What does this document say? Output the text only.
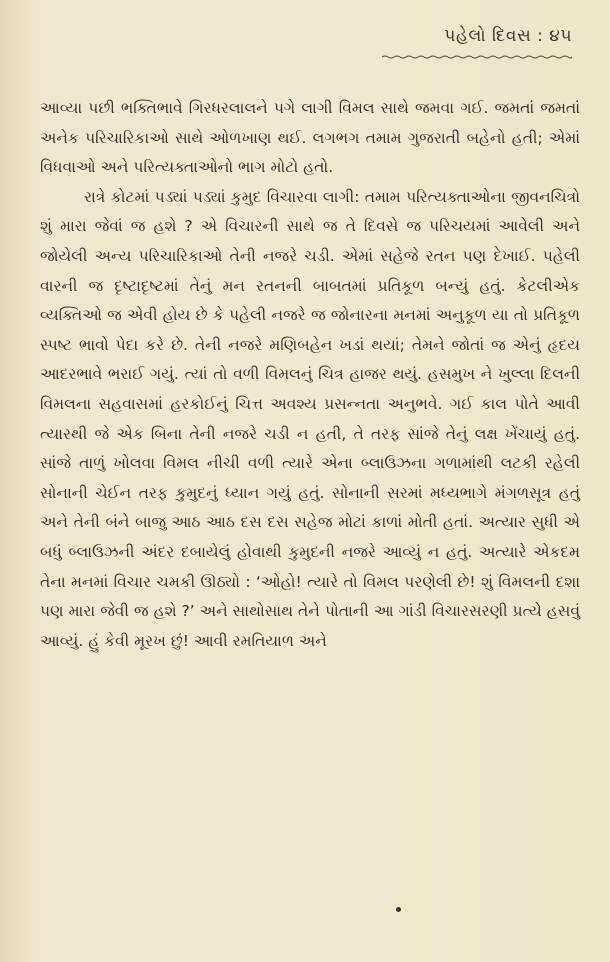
પહેલો દિવસ : ૪૫

આવ્યા પછી ભક્તિભાવે ગિરધરલાલને પગે લાગી વિમલ સાથે જમવા ગઈ. જમતાં જમતાં અનેક પરિચારિકાઓ સાથે ઓળખાણ થઈ. લગભગ તમામ ગુજરાતી બહેનો હતી; એમાં વિધવાઓ અને પરિત્યક્તાઓનો ભાગ મોટો હતો.

રાત્રે કોટમાં પડ્યાં પડ્યાં કુમુદ વિચારવા લાગી: તમામ પરિત્યક્તાઓના જીવનચિત્રો શું મારા જેવાં જ હશે ? એ વિચારની સાથે જ તે દિવસે જ પરિચયમાં આવેલી અને જોયેલી અન્ય પરિચારિકાઓ તેની નજરે ચડી. એમાં સહેજે રતન પણ દેખાઈ. પહેલી વારની જ દૃષ્ટાદૃષ્ટમાં તેનું મન રતનની બાબતમાં પ્રતિકૂળ બન્યું હતું. કેટલીએક વ્યક્તિઓ જ એવી હોય છે કે પહેલી નજરે જ જોનારના મનમાં અનુકૂળ યા તો પ્રતિકૂળ સ્પષ્ટ ભાવો પેદા કરે છે. તેની નજરે મણિબહેન ખડાં થયાં; તેમને જોતાં જ એનું હૃદય આદરભાવે ભરાઈ ગયું. ત્યાં તો વળી વિમલનું ચિત્ર હાજર થયું. હસમુખ ને ખુલ્લા દિલની વિમલના સહવાસમાં હરકોઈનું ચિત્ત અવશ્ય પ્રસન્નતા અનુભવે. ગઈ કાલ પોતે આવી ત્યારથી જે એક બિના તેની નજરે ચડી ન હતી, તે તરફ સાંજે તેનું લક્ષ ખેંચાયું હતું. સાંજે તાળું ખોલવા વિમલ નીચી વળી ત્યારે એના બ્લાઉઝના ગળામાંથી લટકી રહેલી સોનાની ચેઈન તરફ કુમુદનું ધ્યાન ગયું હતું. સોનાની સરમાં મધ્યભાગે મંગળસૂત્ર હતું અને તેની બંને બાજુ આઠ આઠ દસ દસ સહેજ મોટાં કાળાં મોતી હતાં. અત્યાર સુધી એ બધું બ્લાઉઝની અંદર દબાયેલું હોવાથી કુમુદની નજરે આવ્યું ન હતું. અત્યારે એકદમ તેના મનમાં વિચાર ચમકી ઊઠ્યો : ‘ઓહો! ત્યારે તો વિમલ પરણેલી છે! શું વિમલની દશા પણ મારા જેવી જ હશે ?’ અને સાથોસાથ તેને પોતાની આ ગાંડી વિચારસરણી પ્રત્યે હસવું આવ્યું. હું કેવી મૂરખ છું! આવી રમતિયાળ અને
